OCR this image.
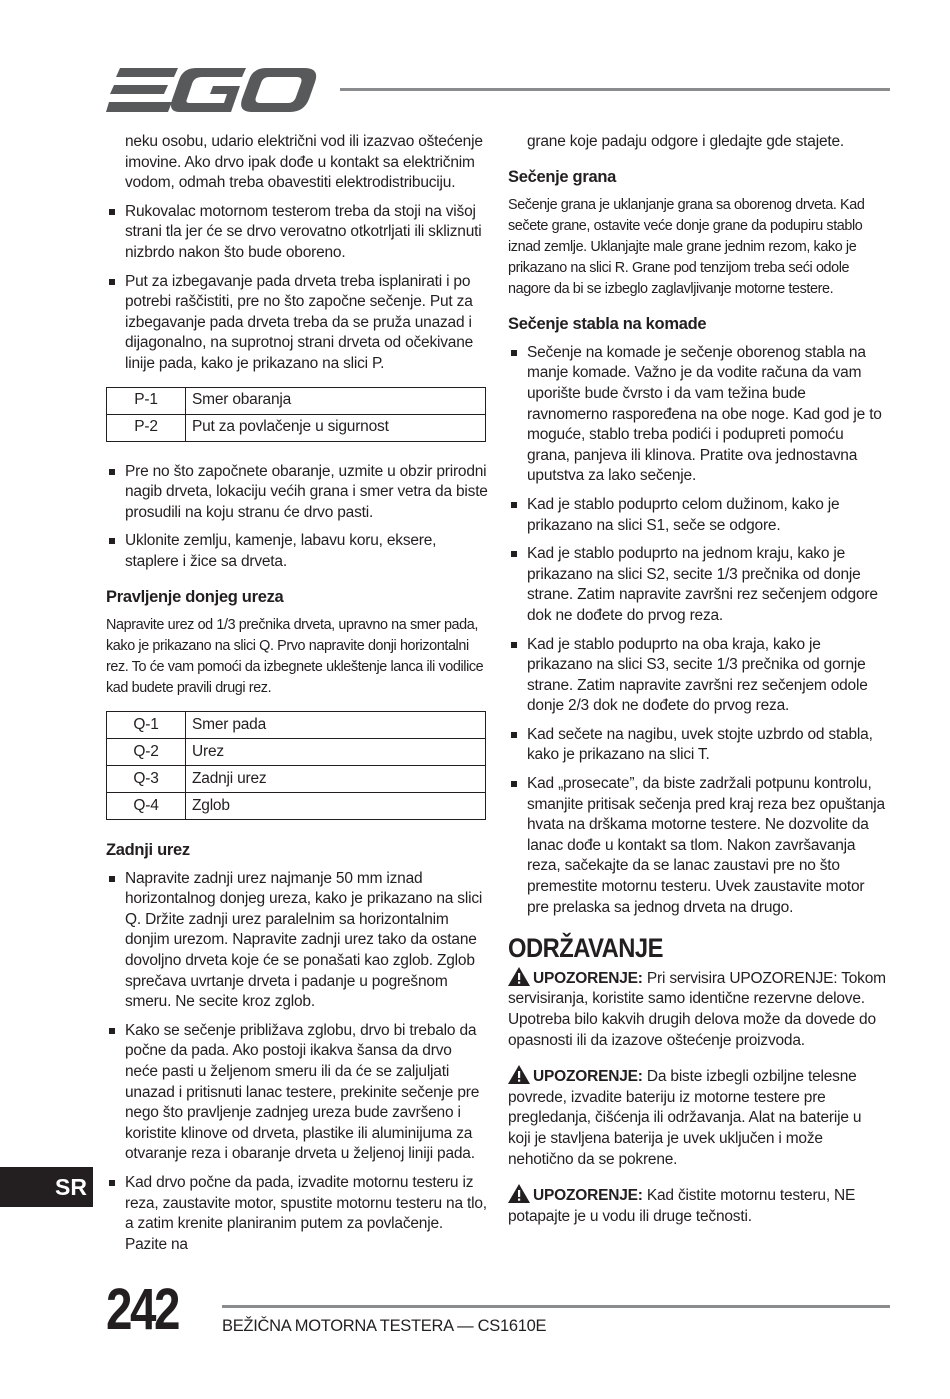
neku osobu, udario električni vod ili izazvao oštećenje imovine. Ako drvo ipak dođe u kontakt sa električnim vodom, odmah treba obavestiti elektrodistribuciju.

Rukovalac motornom testerom treba da stoji na višoj strani tla jer će se drvo verovatno otkotrljati ili skliznuti nizbrdo nakon što bude oboreno.
Put za izbegavanje pada drveta treba isplanirati i po potrebi raščistiti, pre no što započne sečenje. Put za izbegavanje pada drveta treba da se pruža unazad i dijagonalno, na suprotnoj strani drveta od očekivane linije pada, kako je prikazano na slici P.
P-1	Smer obaranja
P-2	Put za povlačenje u sigurnost
Pre no što započnete obaranje, uzmite u obzir prirodni nagib drveta, lokaciju većih grana i smer vetra da biste prosudili na koju stranu će drvo pasti.
Uklonite zemlju, kamenje, labavu koru, eksere, staplere i žice sa drveta.
Pravljenje donjeg ureza

Napravite urez od 1/3 prečnika drveta, upravno na smer pada, kako je prikazano na slici Q. Prvo napravite donji horizontalni rez. To će vam pomoći da izbegnete ukleštenje lanca ili vodilice kad budete pravili drugi rez.

Q-1	Smer pada
Q-2	Urez
Q-3	Zadnji urez
Q-4	Zglob
Zadnji urez
Napravite zadnji urez najmanje 50 mm iznad horizontalnog donjeg ureza, kako je prikazano na slici Q. Držite zadnji urez paralelnim sa horizontalnim donjim urezom. Napravite zadnji urez tako da ostane dovoljno drveta koje će se ponašati kao zglob. Zglob sprečava uvrtanje drveta i padanje u pogrešnom smeru. Ne secite kroz zglob.
Kako se sečenje približava zglobu, drvo bi trebalo da počne da pada. Ako postoji ikakva šansa da drvo neće pasti u željenom smeru ili da će se zaljuljati unazad i pritisnuti lanac testere, prekinite sečenje pre nego što pravljenje zadnjeg ureza bude završeno i koristite klinove od drveta, plastike ili aluminijuma za otvaranje reza i obaranje drveta u željenoj liniji pada.
Kad drvo počne da pada, izvadite motornu testeru iz reza, zaustavite motor, spustite motornu testeru na tlo, a zatim krenite planiranim putem za povlačenje. Pazite na

grane koje padaju odgore i gledajte gde stajete.

Sečenje grana

Sečenje grana je uklanjanje grana sa oborenog drveta. Kad sečete grane, ostavite veće donje grane da podupiru stablo iznad zemlje. Uklanjajte male grane jednim rezom, kako je prikazano na slici R. Grane pod tenzijom treba seći odole nagore da bi se izbeglo zaglavljivanje motorne testere.

Sečenje stabla na komade
Sečenje na komade je sečenje oborenog stabla na manje komade. Važno je da vodite računa da vam uporište bude čvrsto i da vam težina bude ravnomerno raspoređena na obe noge. Kad god je to moguće, stablo treba podići i poduprеti pomoću grana, panjeva ili klinova. Pratite ova jednostavna uputstva za lako sečenje.
Kad je stablo poduprto celom dužinom, kako je prikazano na slici S1, seče se odgore.
Kad je stablo poduprto na jednom kraju, kako je prikazano na slici S2, secite 1/3 prečnika od donje strane. Zatim napravite završni rez sečenjem odgore dok ne dođete do prvog reza.
Kad je stablo poduprto na oba kraja, kako je prikazano na slici S3, secite 1/3 prečnika od gornje strane. Zatim napravite završni rez sečenjem odole donje 2/3 dok ne dođete do prvog reza.
Kad sečete na nagibu, uvek stojte uzbrdo od stabla, kako je prikazano na slici T.
Kad „prosecate”, da biste zadržali potpunu kontrolu, smanjite pritisak sečenja pred kraj reza bez opuštanja hvata na drškama motorne testere. Ne dozvolite da lanac dođe u kontakt sa tlom. Nakon završavanja reza, sačekajte da se lanac zaustavi pre no što premestite motornu testeru. Uvek zaustavite motor pre prelaska sa jednog drveta na drugo.
ODRŽAVANJE

UPOZORENJE: Pri servisira UPOZORENJE: Tokom servisiranja, koristite samo identične rezervne delove. Upotreba bilo kakvih drugih delova može da dovede do opasnosti ili da izazove oštećenje proizvoda.

UPOZORENJE: Da biste izbegli ozbiljne telesne povrede, izvadite bateriju iz motorne testere pre pregledanja, čišćenja ili održavanja. Alat na baterije u koji je stavljena baterija je uvek uključen i može nehotično da se pokrene.

UPOZORENJE: Kad čistite motornu testeru, NE potapajte je u vodu ili druge tečnosti.

SR
242	BEŽIČNA MOTORNA TESTERA — CS1610E
